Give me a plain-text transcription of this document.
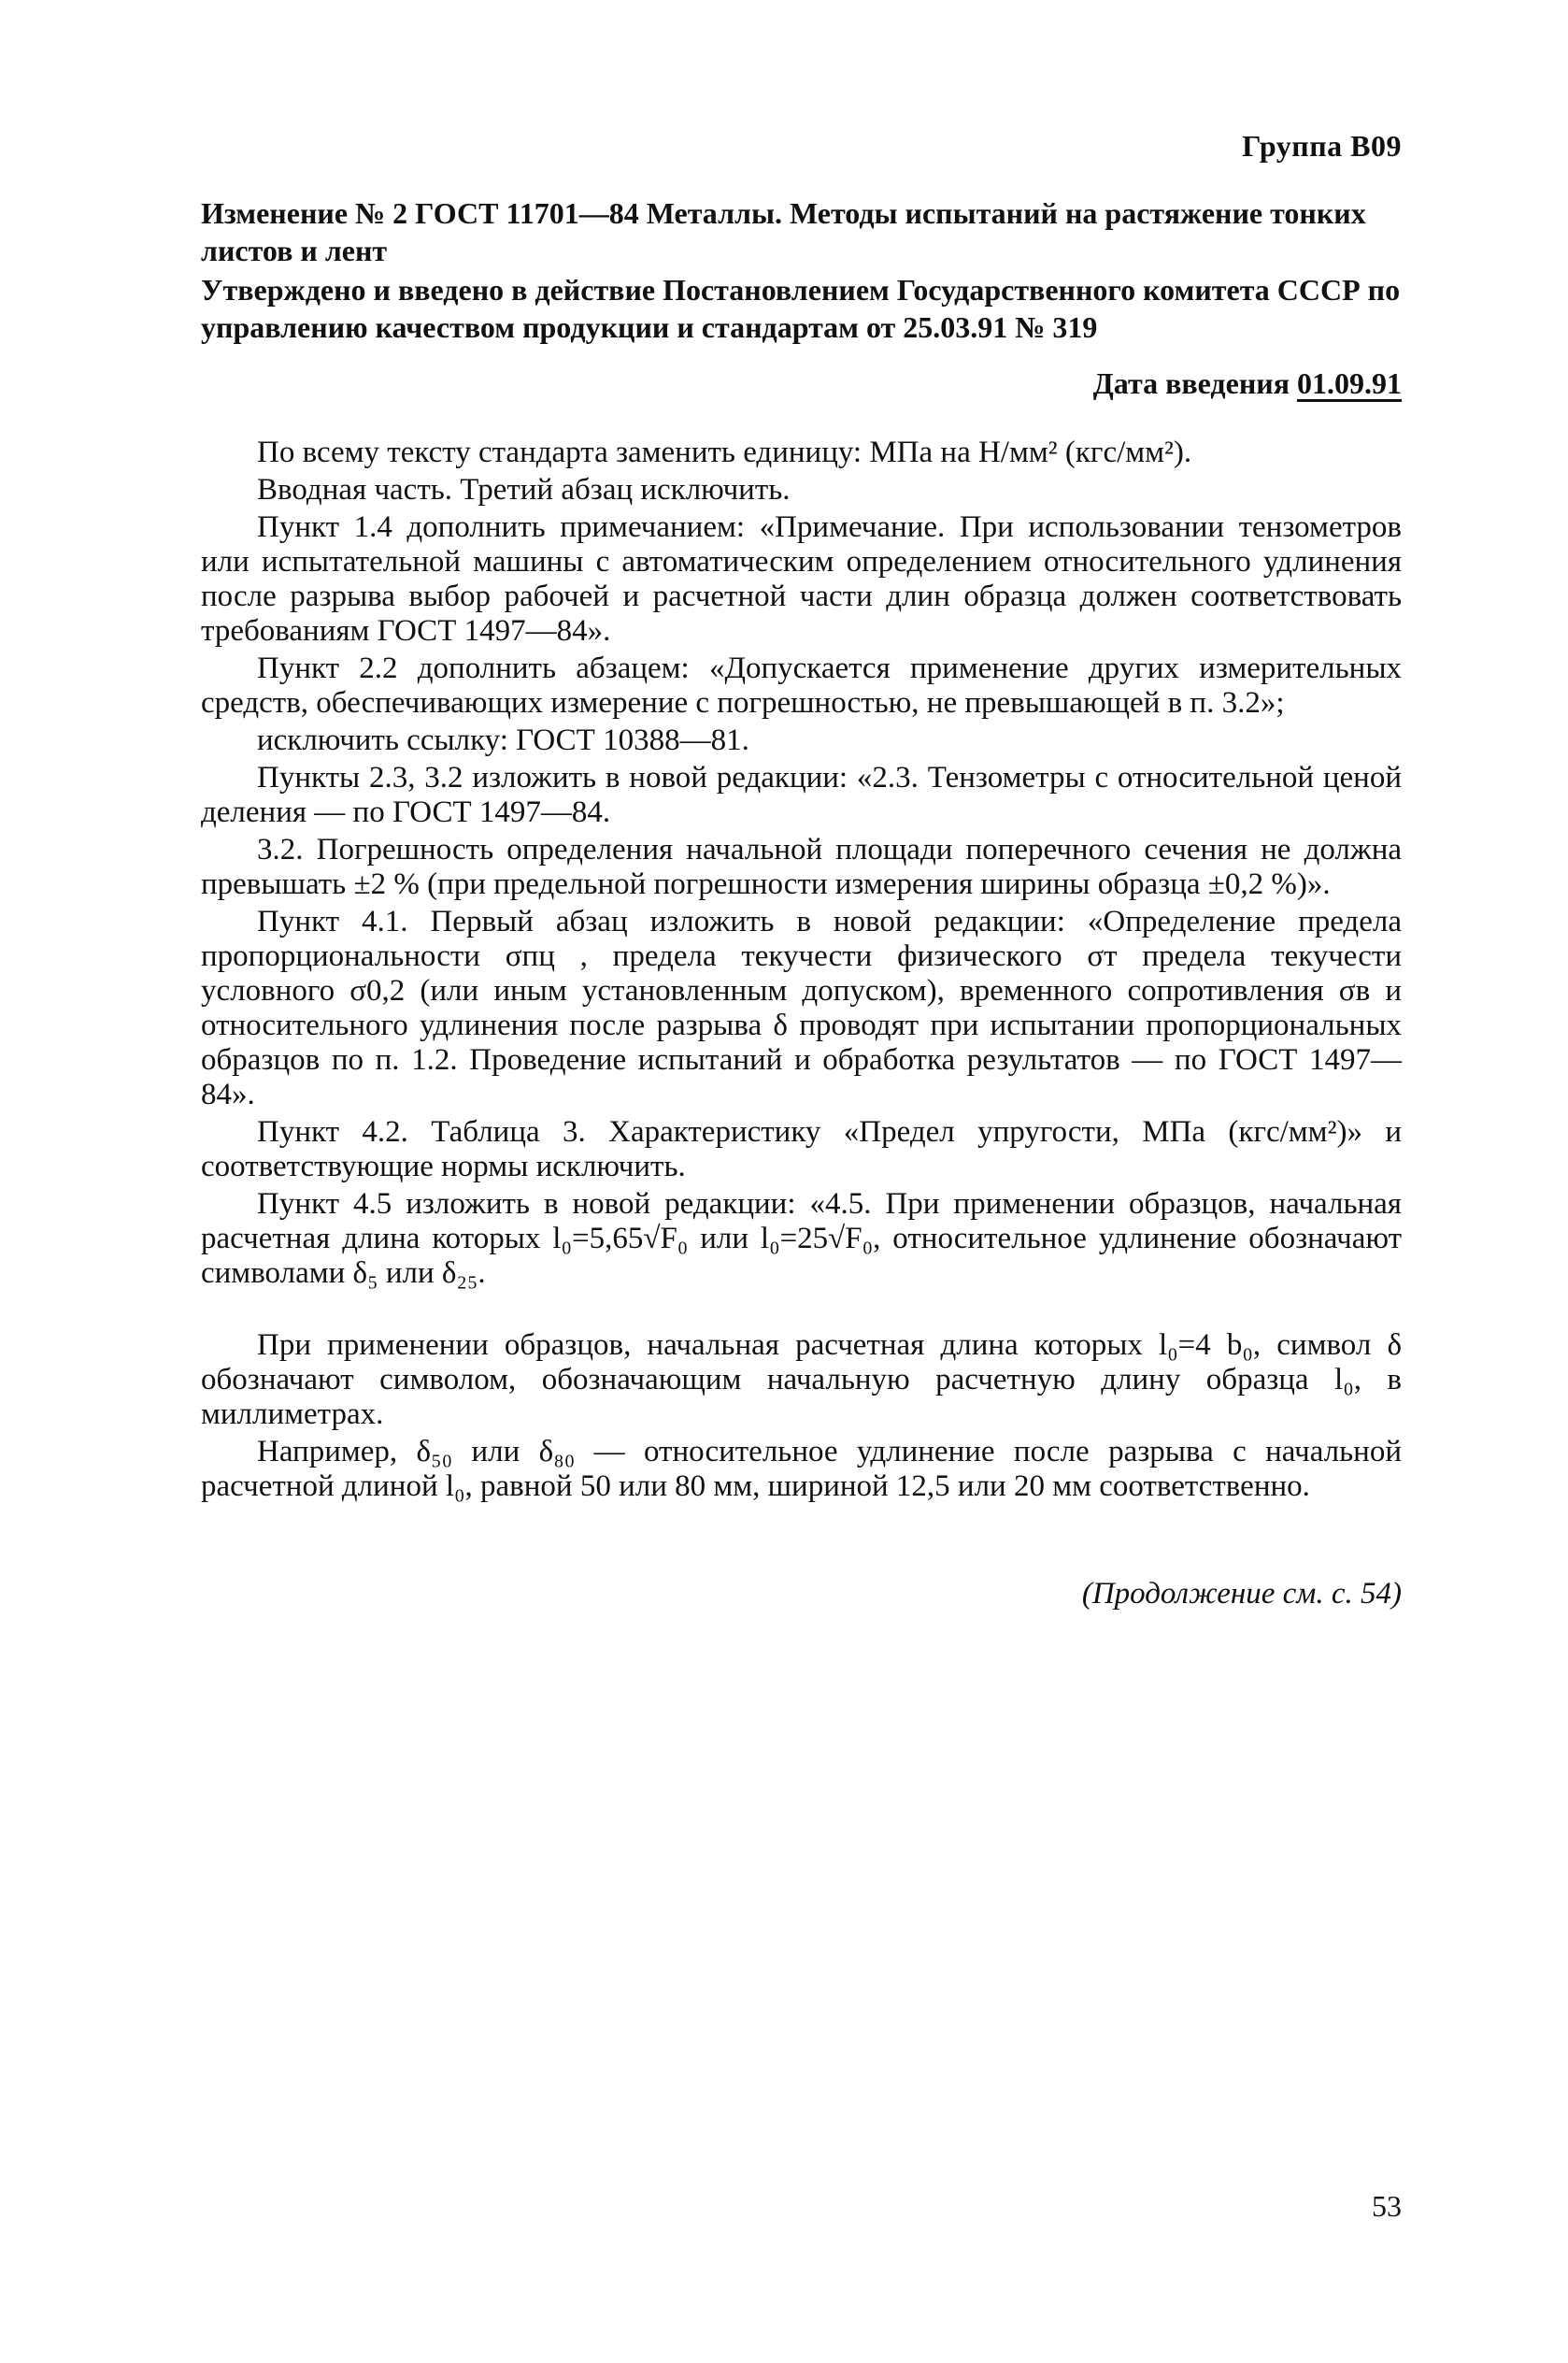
Группа В09
Изменение № 2 ГОСТ 11701—84 Металлы. Методы испытаний на растяжение тонких листов и лент
Утверждено и введено в действие Постановлением Государственного комитета СССР по управлению качеством продукции и стандартам от 25.03.91 № 319
Дата введения 01.09.91

По всему тексту стандарта заменить единицу: МПа на Н/мм² (кгс/мм²).

Вводная часть. Третий абзац исключить.

Пункт 1.4 дополнить примечанием: «Примечание. При использовании тензометров или испытательной машины с автоматическим определением относительного удлинения после разрыва выбор рабочей и расчетной части длин образца должен соответствовать требованиям ГОСТ 1497—84».

Пункт 2.2 дополнить абзацем: «Допускается применение других измерительных средств, обеспечивающих измерение с погрешностью, не превышающей в п. 3.2»;

исключить ссылку: ГОСТ 10388—81.

Пункты 2.3, 3.2 изложить в новой редакции: «2.3. Тензометры с относительной ценой деления — по ГОСТ 1497—84.

3.2. Погрешность определения начальной площади поперечного сечения не должна превышать ±2 % (при предельной погрешности измерения ширины образца ±0,2 %)».

Пункт 4.1. Первый абзац изложить в новой редакции: «Определение предела пропорциональности σпц , предела текучести физического σт предела текучести условного σ0,2 (или иным установленным допуском), временного сопротивления σв и относительного удлинения после разрыва δ проводят при испытании пропорциональных образцов по п. 1.2. Проведение испытаний и обработка результатов — по ГОСТ 1497—84».

Пункт 4.2. Таблица 3. Характеристику «Предел упругости, МПа (кгс/мм²)» и соответствующие нормы исключить.

Пункт 4.5 изложить в новой редакции: «4.5. При применении образцов, начальная расчетная длина которых l₀=5,65√F₀ или l₀=25√F₀, относительное удлинение обозначают символами δ₅ или δ₂₅.

При применении образцов, начальная расчетная длина которых l₀=4 b₀, символ δ обозначают символом, обозначающим начальную расчетную длину образца l₀, в миллиметрах.

Например, δ₅₀ или δ₈₀ — относительное удлинение после разрыва с начальной расчетной длиной l₀, равной 50 или 80 мм, шириной 12,5 или 20 мм соответственно.

(Продолжение см. с. 54)
53
